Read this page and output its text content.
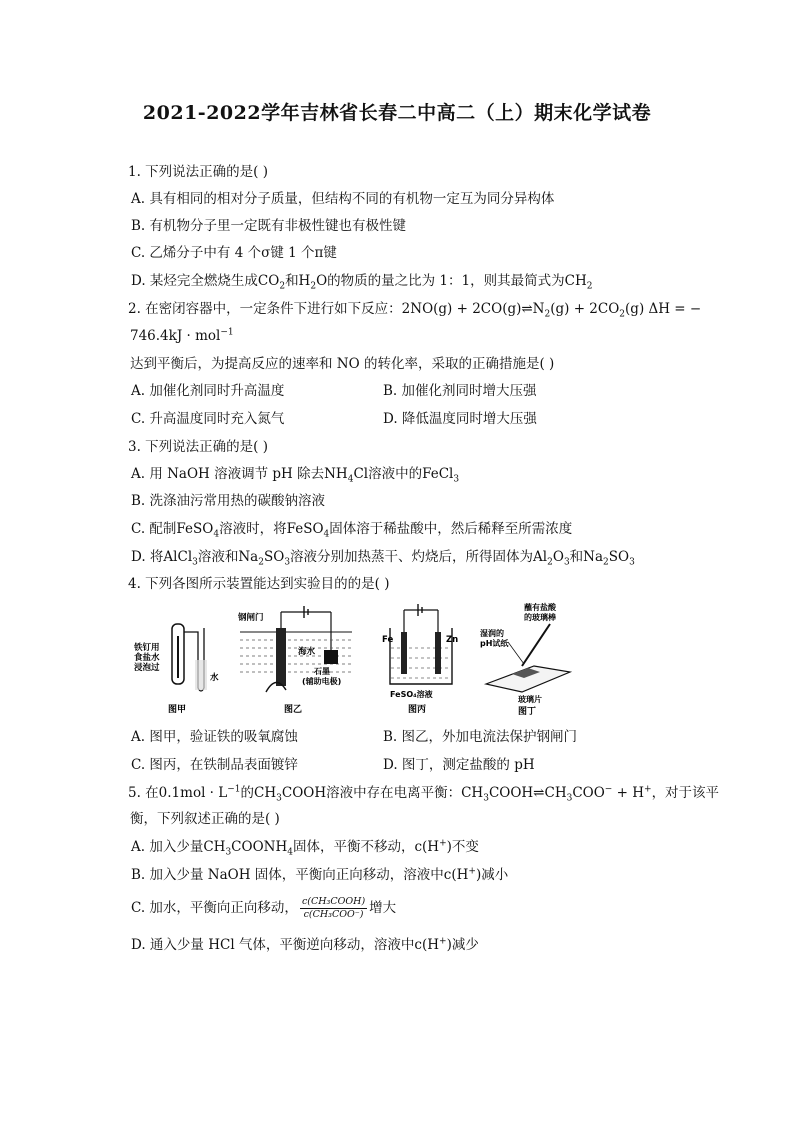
2021-2022学年吉林省长春二中高二（上）期末化学试卷
1. 下列说法正确的是( )
A. 具有相同的相对分子质量，但结构不同的有机物一定互为同分异构体
B. 有机物分子里一定既有非极性键也有极性键
C. 乙烯分子中有 4 个σ键 1 个π键
D. 某烃完全燃烧生成$CO_2$和$H_2O$的物质的量之比为 1：1，则其最简式为$CH_2$
2. 在密闭容器中，一定条件下进行如下反应：$2NO(g) + 2CO(g)\rightleftharpoons N_2(g) + 2CO_2(g) \Delta H$ = −
746.4kJ · mol$^{-1}$
达到平衡后，为提高反应的速率和 NO 的转化率，采取的正确措施是( )
A. 加催化剂同时升高温度	B. 加催化剂同时增大压强
C. 升高温度同时充入氮气	D. 降低温度同时增大压强
3. 下列说法正确的是( )
A. 用 NaOH 溶液调节 pH 除去$NH_4Cl$溶液中的FeCl$_3$
B. 洗涤油污常用热的碳酸钠溶液
C. 配制FeSO$_4$溶液时，将FeSO$_4$固体溶于稀盐酸中，然后稀释至所需浓度
D. 将AlCl$_3$溶液和$Na_2SO_3$溶液分别加热蒸干、灼烧后，所得固体为$Al_2O_3$和$Na_2SO_3$
4. 下列各图所示装置能达到实验目的的是( )
铁钉用
食盐水
浸泡过
水
图甲
钢闸门
海水
石墨
(辅助电极)
图乙
Fe	Zn
FeSO₄溶液
图丙
蘸有盐酸
的玻璃棒
湿润的
pH试纸
玻璃片
图丁
A. 图甲，验证铁的吸氧腐蚀	B. 图乙，外加电流法保护钢闸门
C. 图丙，在铁制品表面镀锌	D. 图丁，测定盐酸的 pH
5. 在$0.1mol \cdot L^{-1}$的$CH_3COOH$溶液中存在电离平衡：$CH_3COOH\rightleftharpoons CH_3COO^- + H^+$，对于该平
衡，下列叙述正确的是( )
A. 加入少量$CH_3COONH_4$固体，平衡不移动，c(H+)不变
B. 加入少量 NaOH 固体，平衡向正向移动，溶液中c(H+)减小
C. 加水，平衡向正向移动， $\frac{\text{c(CH₃COOH)}}{\text{c(CH₃COO⁻)}}$ 增大
D. 通入少量 HCl 气体，平衡逆向移动，溶液中c(H+)减少
